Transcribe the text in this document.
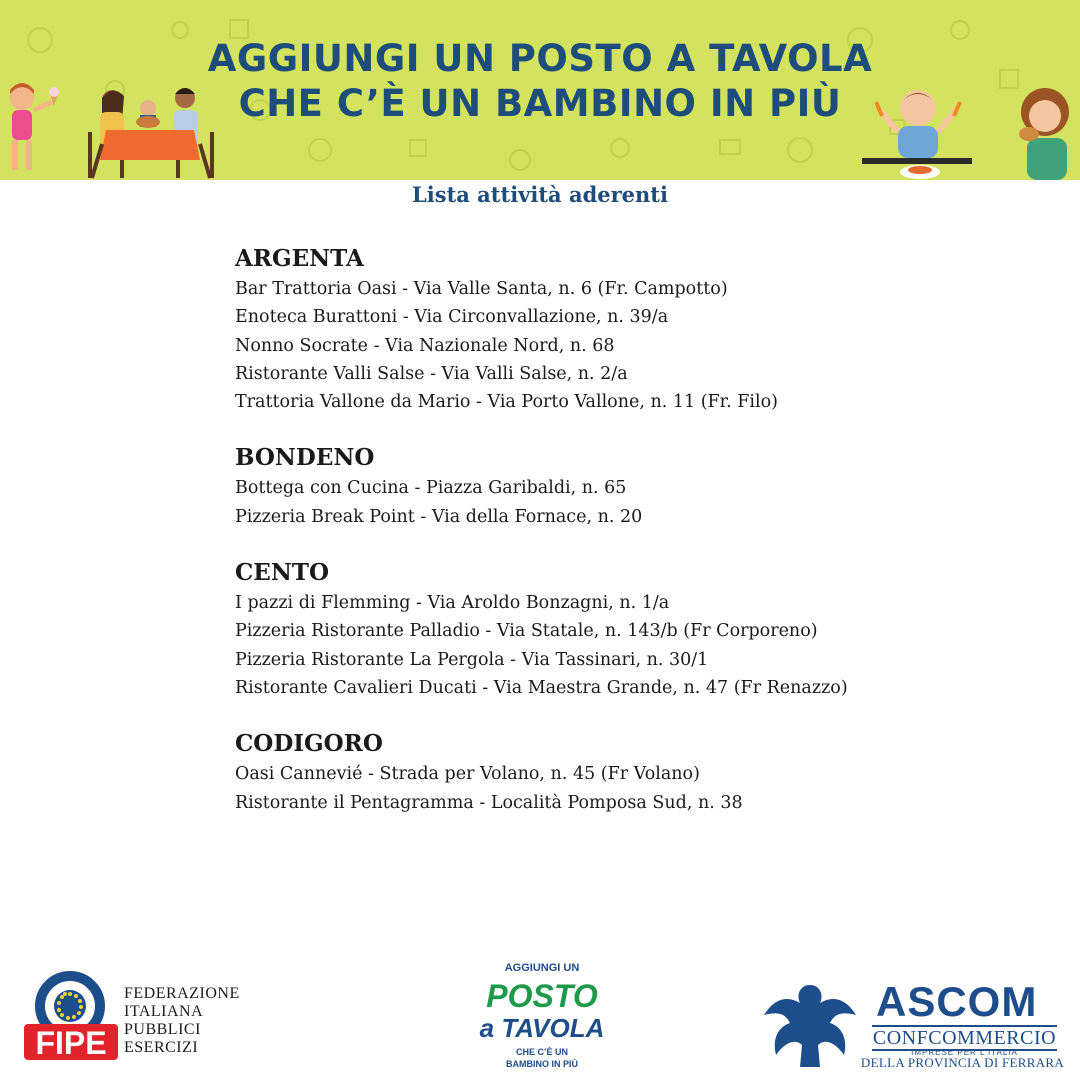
AGGIUNGI UN POSTO A TAVOLA
CHE C’È UN BAMBINO IN PIÙ
Lista attività aderenti

ARGENTA

Bar Trattoria Oasi - Via Valle Santa, n. 6 (Fr. Campotto)
Enoteca Burattoni - Via Circonvallazione, n. 39/a
Nonno Socrate - Via Nazionale Nord, n. 68
Ristorante Valli Salse - Via Valli Salse, n. 2/a
Trattoria Vallone da Mario - Via Porto Vallone, n. 11 (Fr. Filo)

BONDENO

Bottega con Cucina - Piazza Garibaldi, n. 65
Pizzeria Break Point - Via della Fornace, n. 20

CENTO

I pazzi di Flemming - Via Aroldo Bonzagni, n. 1/a
Pizzeria Ristorante Palladio - Via Statale, n. 143/b (Fr Corporeno)
Pizzeria Ristorante La Pergola - Via Tassinari, n. 30/1
Ristorante Cavalieri Ducati - Via Maestra Grande, n. 47 (Fr Renazzo)

CODIGORO

Oasi Cannevié - Strada per Volano, n. 45 (Fr Volano)
Ristorante il Pentagramma - Località Pomposa Sud, n. 38
FIPE
FEDERAZIONE
ITALIANA
PUBBLICI
ESERCIZI
AGGIUNGI UN
POSTO
a TAVOLA
CHE C’È UN
BAMBINO IN PIÙ
ASCOM
CONFCOMMERCIO
IMPRESE PER L'ITALIA
DELLA PROVINCIA DI FERRARA
